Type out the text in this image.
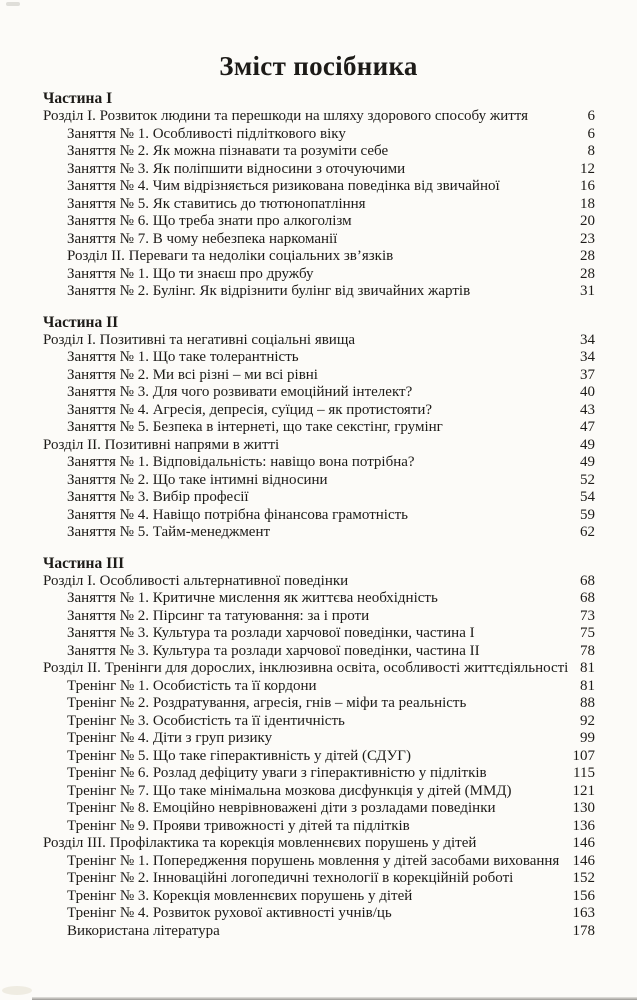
Зміст посібника
Частина I
Розділ I. Розвиток людини та перешкоди на шляху здорового способу життя	6
Заняття № 1. Особливості підліткового віку	6
Заняття № 2. Як можна пізнавати та розуміти себе	8
Заняття № 3. Як поліпшити відносини з оточуючими	12
Заняття № 4. Чим відрізняється ризикована поведінка від звичайної	16
Заняття № 5. Як ставитись до тютюнопатління	18
Заняття № 6. Що треба знати про алкоголізм	20
Заняття № 7. В чому небезпека наркоманії	23
Розділ II. Переваги та недоліки соціальних зв’язків	28
Заняття № 1. Що ти знаєш про дружбу	28
Заняття № 2. Булінг. Як відрізнити булінг від звичайних жартів	31
Частина II
Розділ I. Позитивні та негативні соціальні явища	34
Заняття № 1. Що таке толерантність	34
Заняття № 2. Ми всі різні – ми всі рівні	37
Заняття № 3. Для чого розвивати емоційний інтелект?	40
Заняття № 4. Агресія, депресія, суїцид – як протистояти?	43
Заняття № 5. Безпека в інтернеті, що таке секстінг, грумінг	47
Розділ II. Позитивні напрями в житті	49
Заняття № 1. Відповідальність: навіщо вона потрібна?	49
Заняття № 2. Що таке інтимні відносини	52
Заняття № 3. Вибір професії	54
Заняття № 4. Навіщо потрібна фінансова грамотність	59
Заняття № 5. Тайм-менеджмент	62
Частина III
Розділ I. Особливості альтернативної поведінки	68
Заняття № 1. Критичне мислення як життєва необхідність	68
Заняття № 2. Пірсинг та татуювання: за і проти	73
Заняття № 3. Культура та розлади харчової поведінки, частина I	75
Заняття № 3. Культура та розлади харчової поведінки, частина II	78
Розділ II. Тренінги для дорослих, інклюзивна освіта, особливості життєдіяльності 81
Тренінг № 1. Особистість та її кордони	81
Тренінг № 2. Роздратування, агресія, гнів – міфи та реальність	88
Тренінг № 3. Особистість та її ідентичність	92
Тренінг № 4. Діти з груп ризику	99
Тренінг № 5. Що таке гіперактивність у дітей (СДУГ)	107
Тренінг № 6. Розлад дефіциту уваги з гіперактивністю у підлітків	115
Тренінг № 7. Що таке мінімальна мозкова дисфункція у дітей (ММД)	121
Тренінг № 8. Емоційно неврівноважені діти з розладами поведінки	130
Тренінг № 9. Прояви тривожності у дітей та підлітків	136
Розділ III. Профілактика та корекція мовленнєвих порушень у дітей	146
Тренінг № 1. Попередження порушень мовлення у дітей засобами виховання 146
Тренінг № 2. Інноваційні логопедичні технології в корекційній роботі	152
Тренінг № 3. Корекція мовленнєвих порушень у дітей	156
Тренінг № 4. Розвиток рухової активності учнів/ць	163
Використана література	178
